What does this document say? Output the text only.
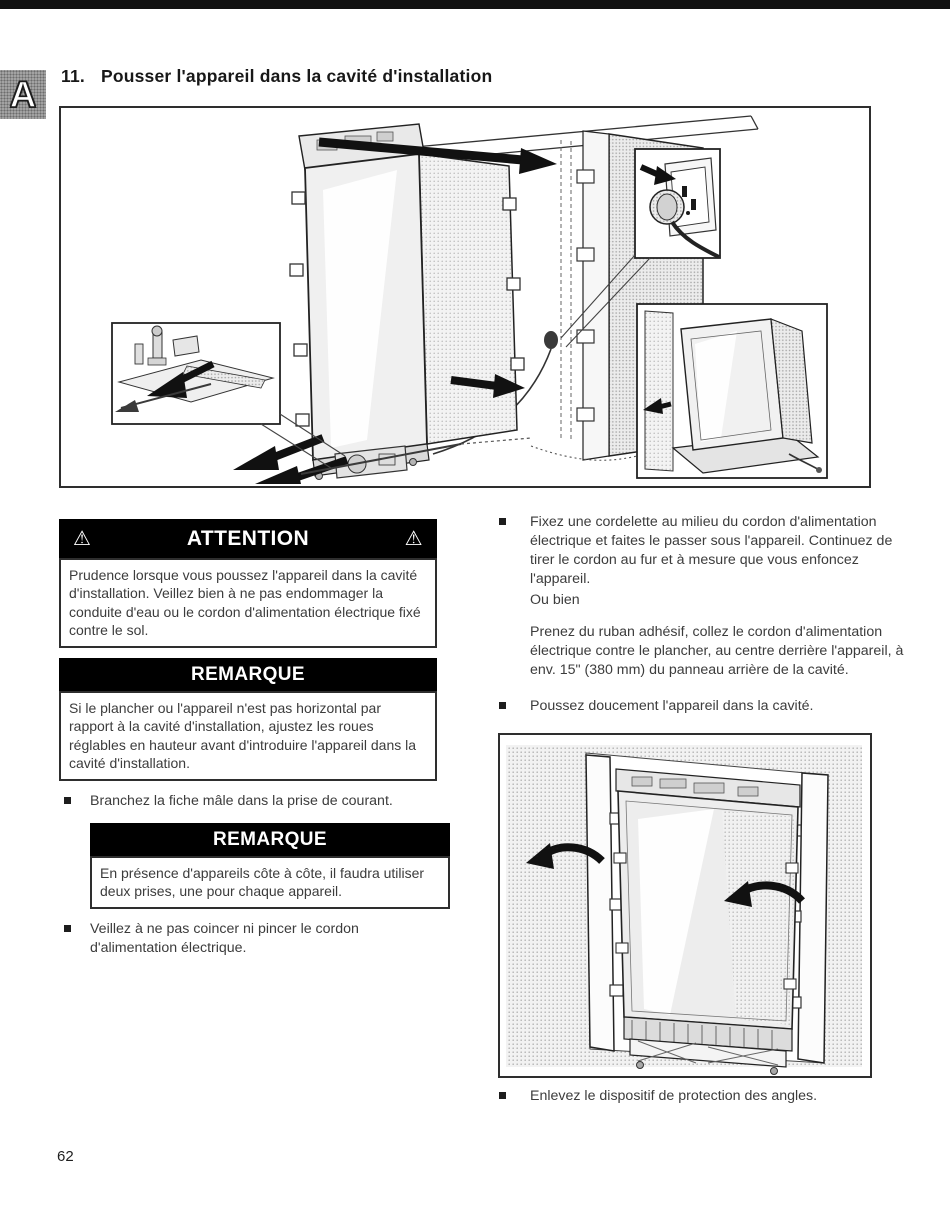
A 11. Pousser l'appareil dans la cavité d'installation
⚠	ATTENTION	⚠
Prudence lorsque vous poussez l'appareil dans la cavité d'installation. Veillez bien à ne pas endommager la conduite d'eau ou le cordon d'alimentation électrique fixé contre le sol.
REMARQUE
Si le plancher ou l'appareil n'est pas horizontal par rapport à la cavité d'installation, ajustez les roues réglables en hauteur avant d'introduire l'appareil dans la cavité d'installation.
Branchez la fiche mâle dans la prise de courant.
REMARQUE
En présence d'appareils côte à côte, il faudra utiliser deux prises, une pour chaque appareil.
Veillez à ne pas coincer ni pincer le cordon d'alimentation électrique.
Fixez une cordelette au milieu du cordon d'alimentation électrique et faites le passer sous l'appareil. Continuez de tirer le cordon au fur et à mesure que vous enfoncez l'appareil.
Ou bien
Prenez du ruban adhésif, collez le cordon d'alimentation électrique contre le plancher, au centre derrière l'appareil, à env. 15" (380 mm) du panneau arrière de la cavité.
Poussez doucement l'appareil dans la cavité.
Enlevez le dispositif de protection des angles.
62
